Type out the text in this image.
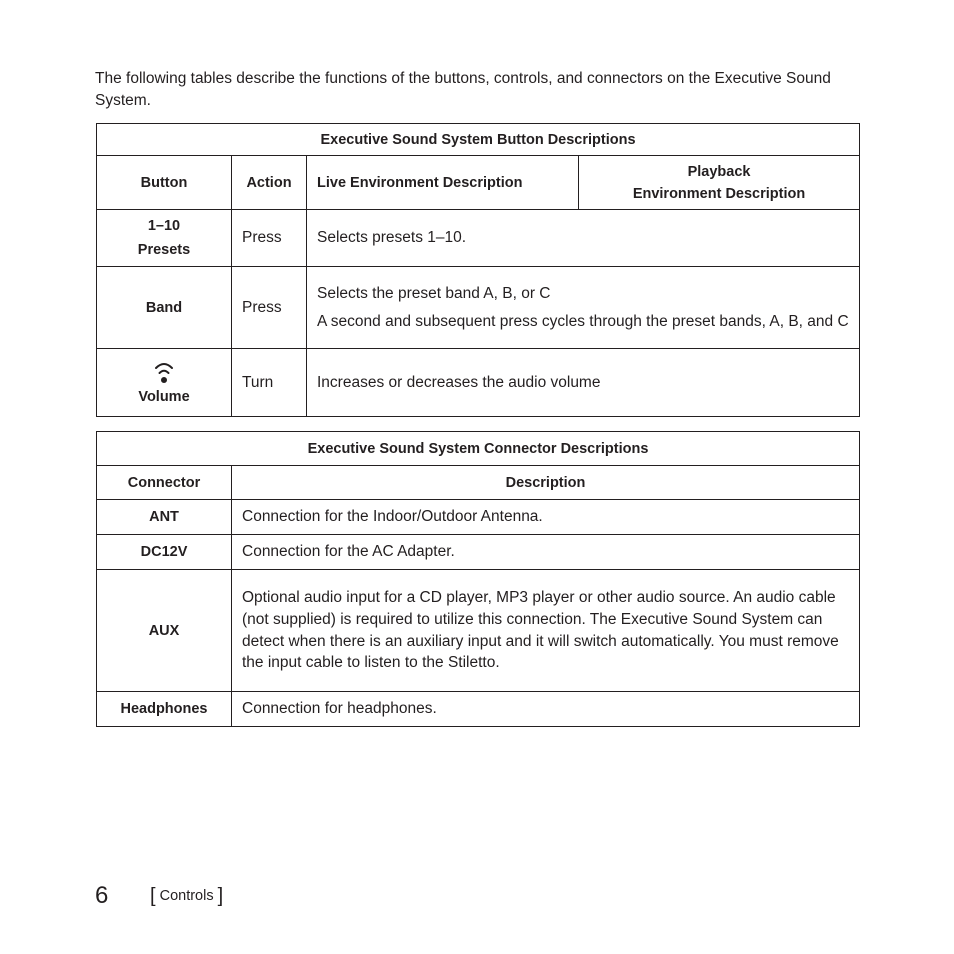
The following tables describe the functions of the buttons, controls, and connectors on the Executive Sound System.

Executive Sound System Button Descriptions			
Button	Action	Live Environment Description	Playback
Environment Description

1–10
Presets	Press	Selects presets 1–10.	
Band	Press	Selects the preset band A, B, or C

A second and subsequent press cycles through the preset bands, A, B, and C	

Volume	Turn	Increases or decreases the audio volume	
Executive Sound System Connector Descriptions	
Connector	Description
ANT	Connection for the Indoor/Outdoor Antenna.
DC12V	Connection for the AC Adapter.
AUX	Optional audio input for a CD player, MP3 player or other audio source. An audio cable (not supplied) is required to utilize this connection. The Executive Sound System can detect when there is an auxiliary input and it will switch automatically. You must remove the input cable to listen to the Stiletto.

Headphones	Connection for headphones.
6 [ Controls ]
